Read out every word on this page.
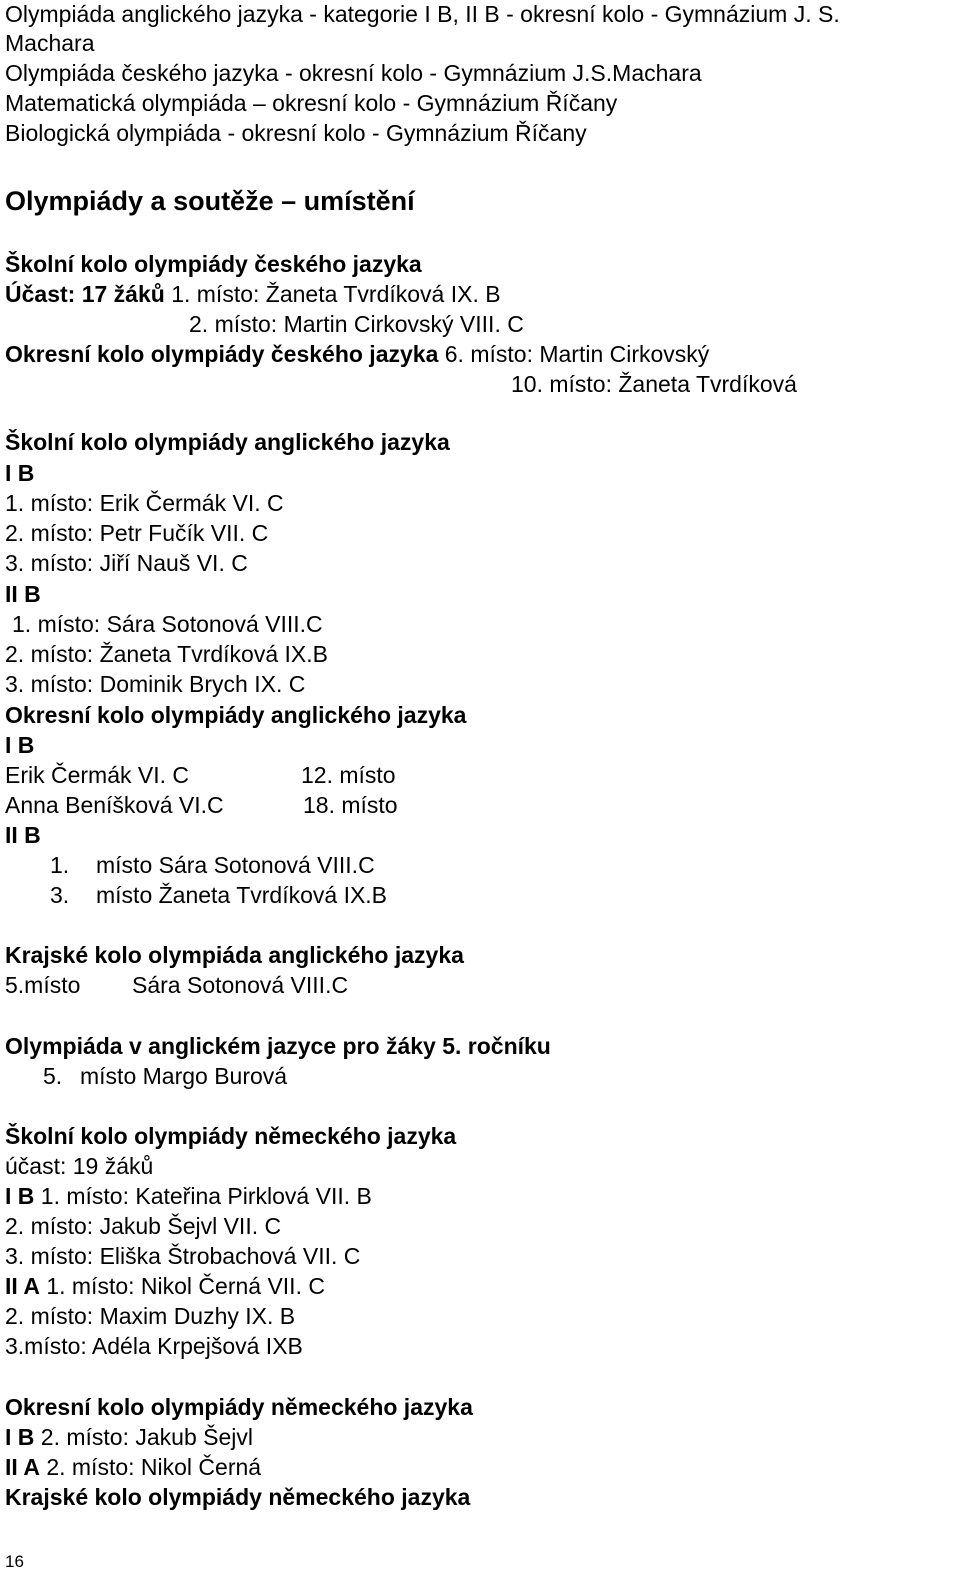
Olympiáda anglického jazyka - kategorie I B, II B - okresní kolo - Gymnázium J. S.
Machara
Olympiáda českého jazyka - okresní kolo - Gymnázium J.S.Machara
Matematická olympiáda – okresní kolo - Gymnázium Říčany
Biologická olympiáda - okresní kolo - Gymnázium Říčany
Olympiády a soutěže – umístění
Školní kolo olympiády českého jazyka
Účast: 17 žáků 1. místo: Žaneta Tvrdíková IX. B
2. místo: Martin Cirkovský VIII. C
Okresní kolo olympiády českého jazyka 6. místo: Martin Cirkovský
10. místo: Žaneta Tvrdíková
Školní kolo olympiády anglického jazyka
I B
1. místo: Erik Čermák VI. C
2. místo: Petr Fučík VII. C
3. místo: Jiří Nauš VI. C
II B
1. místo: Sára Sotonová VIII.C
2. místo: Žaneta Tvrdíková IX.B
3. místo: Dominik Brych IX. C
Okresní kolo olympiády anglického jazyka
I B
Erik Čermák VI. C	12. místo
Anna Beníšková VI.C	18. místo
II B
1. místo Sára Sotonová VIII.C
3. místo Žaneta Tvrdíková IX.B
Krajské kolo olympiáda anglického jazyka
5.místo Sára Sotonová VIII.C
Olympiáda v anglickém jazyce pro žáky 5. ročníku
5. místo Margo Burová
Školní kolo olympiády německého jazyka
účast: 19 žáků
I B 1. místo: Kateřina Pirklová VII. B
2. místo: Jakub Šejvl VII. C
3. místo: Eliška Štrobachová VII. C
II A 1. místo: Nikol Černá VII. C
2. místo: Maxim Duzhy IX. B
3.místo: Adéla Krpejšová IXB
Okresní kolo olympiády německého jazyka
I B 2. místo: Jakub Šejvl
II A 2. místo: Nikol Černá
Krajské kolo olympiády německého jazyka
16
